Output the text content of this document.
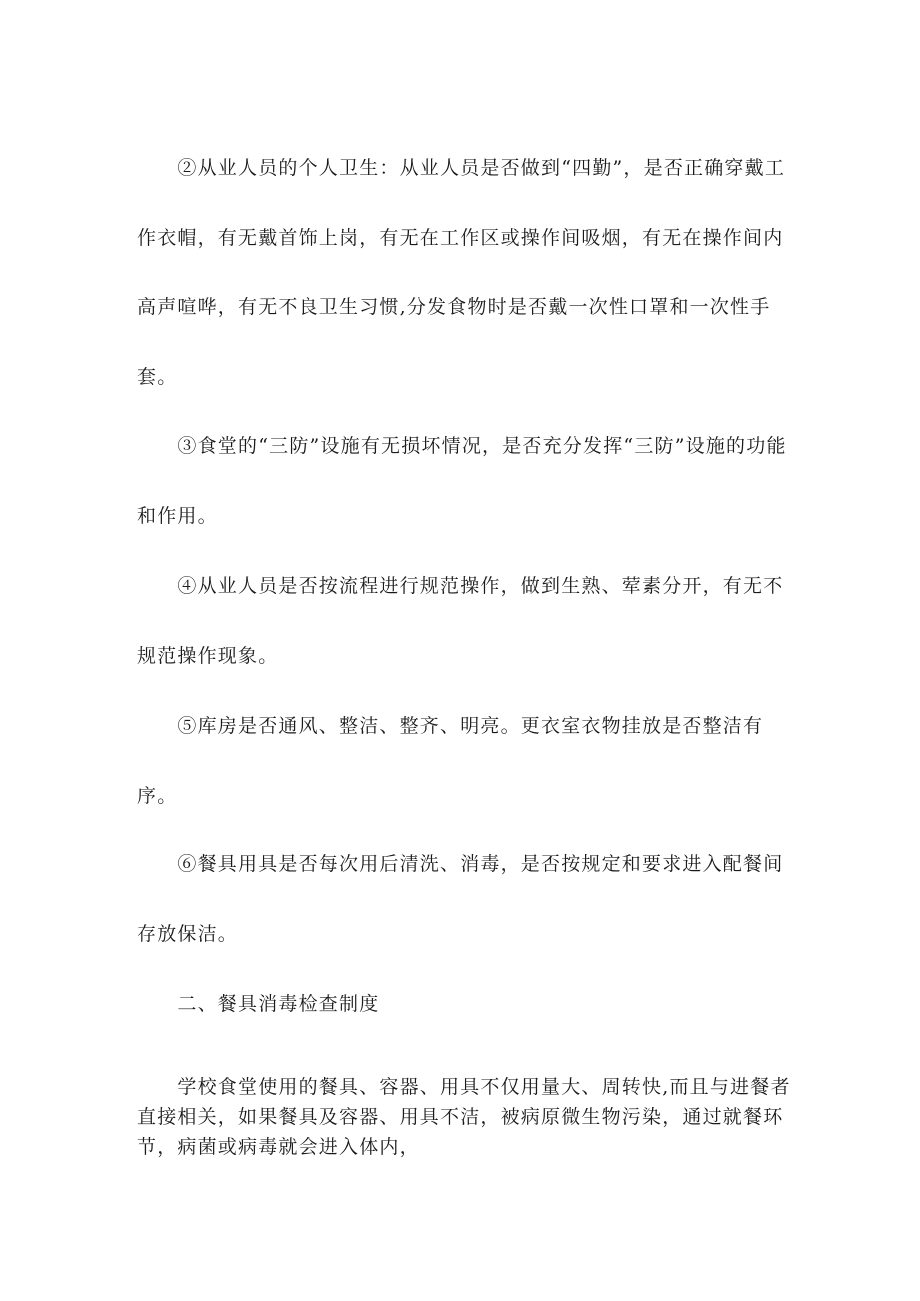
　　②从业人员的个人卫生：从业人员是否做到“四勤”，是否正确穿戴工作衣帽，有无戴首饰上岗，有无在工作区或操作间吸烟，有无在操作间内高声喧哗，有无不良卫生习惯,分发食物时是否戴一次性口罩和一次性手套。

　　③食堂的“三防”设施有无损坏情况，是否充分发挥“三防”设施的功能和作用。

　　④从业人员是否按流程进行规范操作，做到生熟、荤素分开，有无不规范操作现象。

　　⑤库房是否通风、整洁、整齐、明亮。更衣室衣物挂放是否整洁有序。

　　⑥餐具用具是否每次用后清洗、消毒，是否按规定和要求进入配餐间存放保洁。

　　二、餐具消毒检查制度

　　学校食堂使用的餐具、容器、用具不仅用量大、周转快,而且与进餐者直接相关，如果餐具及容器、用具不洁，被病原微生物污染，通过就餐环节，病菌或病毒就会进入体内，
